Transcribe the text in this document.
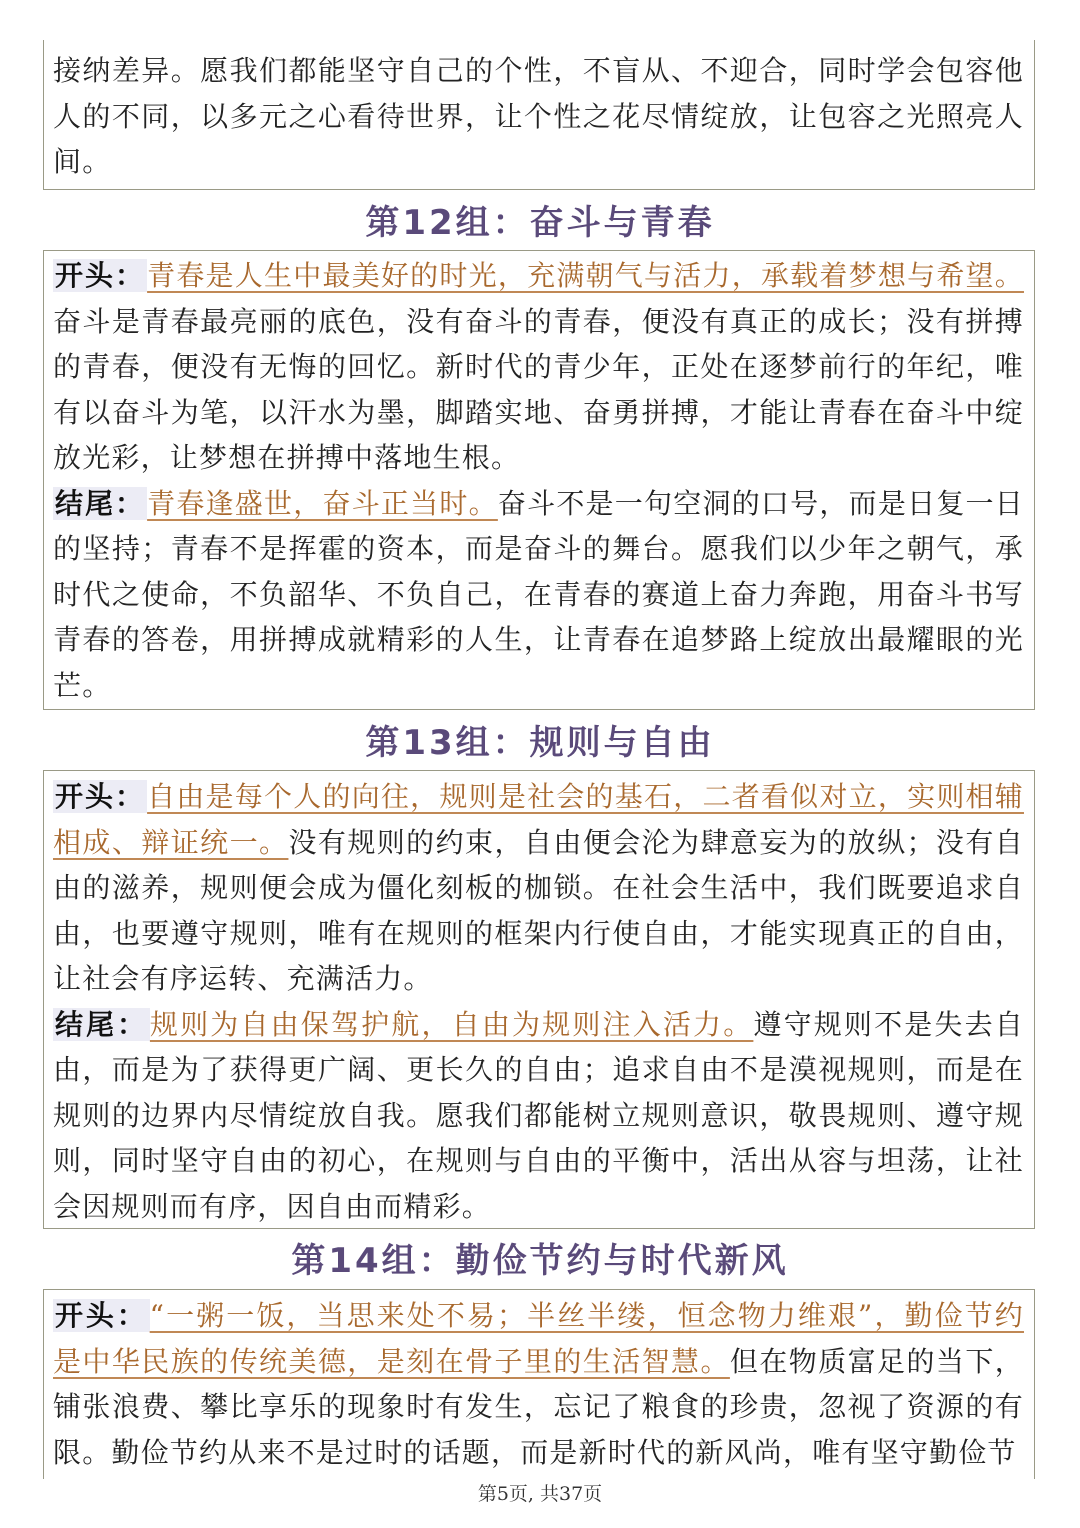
接纳差异。愿我们都能坚守自己的个性，不盲从、不迎合，同时学会包容他人的不同，以多元之心看待世界，让个性之花尽情绽放，让包容之光照亮人间。

第12组：奋斗与青春

开头：青春是人生中最美好的时光，充满朝气与活力，承载着梦想与希望。奋斗是青春最亮丽的底色，没有奋斗的青春，便没有真正的成长；没有拼搏的青春，便没有无悔的回忆。新时代的青少年，正处在逐梦前行的年纪，唯有以奋斗为笔，以汗水为墨，脚踏实地、奋勇拼搏，才能让青春在奋斗中绽放光彩，让梦想在拼搏中落地生根。

结尾：青春逢盛世，奋斗正当时。奋斗不是一句空洞的口号，而是日复一日的坚持；青春不是挥霍的资本，而是奋斗的舞台。愿我们以少年之朝气，承时代之使命，不负韶华、不负自己，在青春的赛道上奋力奔跑，用奋斗书写青春的答卷，用拼搏成就精彩的人生，让青春在追梦路上绽放出最耀眼的光芒。

第13组：规则与自由

开头：自由是每个人的向往，规则是社会的基石，二者看似对立，实则相辅相成、辩证统一。没有规则的约束，自由便会沦为肆意妄为的放纵；没有自由的滋养，规则便会成为僵化刻板的枷锁。在社会生活中，我们既要追求自由，也要遵守规则，唯有在规则的框架内行使自由，才能实现真正的自由，让社会有序运转、充满活力。

结尾：规则为自由保驾护航，自由为规则注入活力。遵守规则不是失去自由，而是为了获得更广阔、更长久的自由；追求自由不是漠视规则，而是在规则的边界内尽情绽放自我。愿我们都能树立规则意识，敬畏规则、遵守规则，同时坚守自由的初心，在规则与自由的平衡中，活出从容与坦荡，让社会因规则而有序，因自由而精彩。

第14组：勤俭节约与时代新风

开头：“一粥一饭，当思来处不易；半丝半缕，恒念物力维艰”，勤俭节约是中华民族的传统美德，是刻在骨子里的生活智慧。但在物质富足的当下，铺张浪费、攀比享乐的现象时有发生，忘记了粮食的珍贵，忽视了资源的有限。勤俭节约从来不是过时的话题，而是新时代的新风尚，唯有坚守勤俭节

第5页, 共37页
